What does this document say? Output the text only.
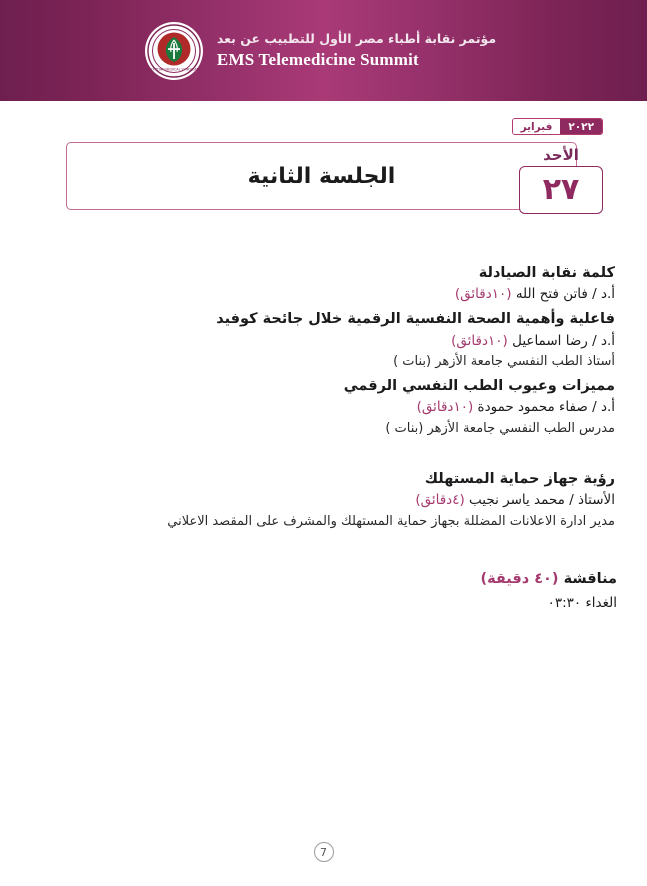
EGYPTIAN MEDICAL SYNDICATE
مؤتمر نقابة أطباء مصر الأول للتطبيب عن بعد
EMS Telemedicine Summit
فبراير	٢٠٢٢
الجلسة الثانية
الأحد
٢٧
كلمة نقابة الصيادلة
أ.د / فاتن فتح الله (١٠دقائق)
فاعلية وأهمية الصحة النفسية الرقمية خلال جائحة كوفيد
أ.د / رضا اسماعيل (١٠دقائق)
أستاذ الطب النفسي جامعة الأزهر (بنات )
مميزات وعيوب الطب النفسي الرقمي
أ.د / صفاء محمود حمودة (١٠دقائق)
مدرس الطب النفسي جامعة الأزهر (بنات )
رؤية جهاز حماية المستهلك
الأستاذ / محمد ياسر نجيب (٤دقائق)
مدير ادارة الاعلانات المضللة بجهاز حماية المستهلك والمشرف على المقصد الاعلاني
مناقشة (٤٠ دقيقة)
الغداء ٠٣:٣٠
7
